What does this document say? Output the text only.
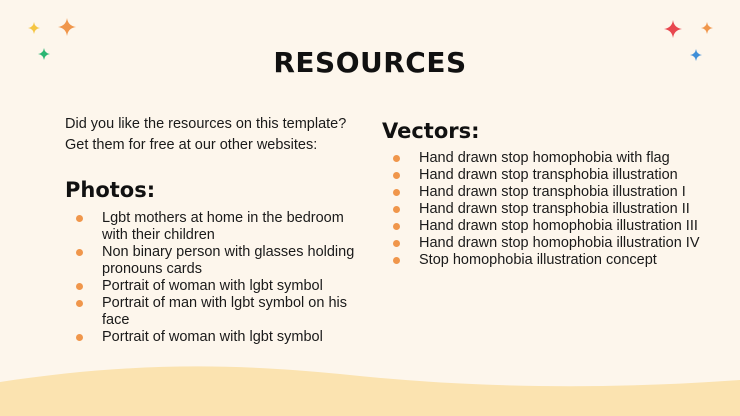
RESOURCES

Did you like the resources on this template?

Get them for free at our other websites:

Photos:
Lgbt mothers at home in the bedroom with their children
Non binary person with glasses holding pronouns cards
Portrait of woman with lgbt symbol
Portrait of man with lgbt symbol on his face
Portrait of woman with lgbt symbol
Vectors:
Hand drawn stop homophobia with flag
Hand drawn stop transphobia illustration
Hand drawn stop transphobia illustration I
Hand drawn stop transphobia illustration II
Hand drawn stop homophobia illustration III
Hand drawn stop homophobia illustration IV
Stop homophobia illustration concept
